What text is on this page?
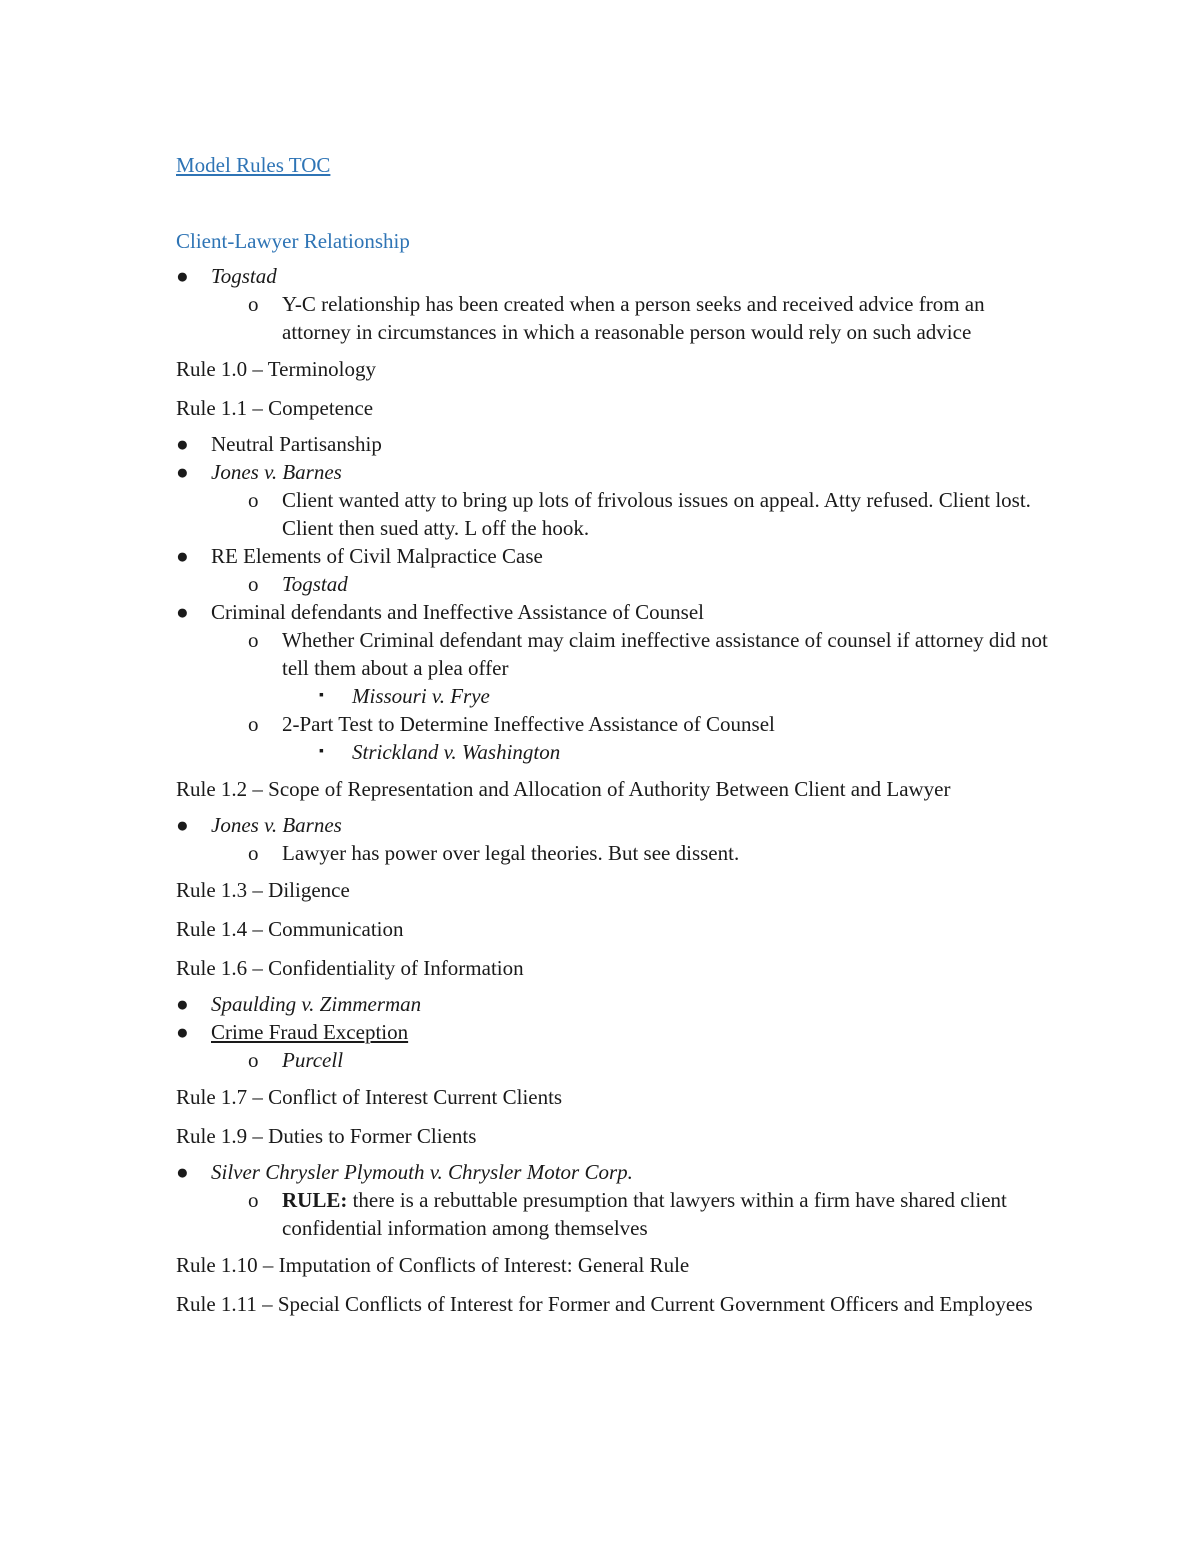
Model Rules TOC
Client-Lawyer Relationship
● Togstad
o Y-C relationship has been created when a person seeks and received advice from an attorney in circumstances in which a reasonable person would rely on such advice
Rule 1.0 – Terminology
Rule 1.1 – Competence
● Neutral Partisanship
● Jones v. Barnes
o Client wanted atty to bring up lots of frivolous issues on appeal. Atty refused. Client lost. Client then sued atty. L off the hook.
● RE Elements of Civil Malpractice Case
o Togstad
● Criminal defendants and Ineffective Assistance of Counsel
o Whether Criminal defendant may claim ineffective assistance of counsel if attorney did not tell them about a plea offer
▪ Missouri v. Frye
o 2-Part Test to Determine Ineffective Assistance of Counsel
▪ Strickland v. Washington
Rule 1.2 – Scope of Representation and Allocation of Authority Between Client and Lawyer
● Jones v. Barnes
o Lawyer has power over legal theories. But see dissent.
Rule 1.3 – Diligence
Rule 1.4 – Communication
Rule 1.6 – Confidentiality of Information
● Spaulding v. Zimmerman
● Crime Fraud Exception
o Purcell
Rule 1.7 – Conflict of Interest Current Clients
Rule 1.9 – Duties to Former Clients
● Silver Chrysler Plymouth v. Chrysler Motor Corp.
o RULE: there is a rebuttable presumption that lawyers within a firm have shared client confidential information among themselves
Rule 1.10 – Imputation of Conflicts of Interest: General Rule
Rule 1.11 – Special Conflicts of Interest for Former and Current Government Officers and Employees
